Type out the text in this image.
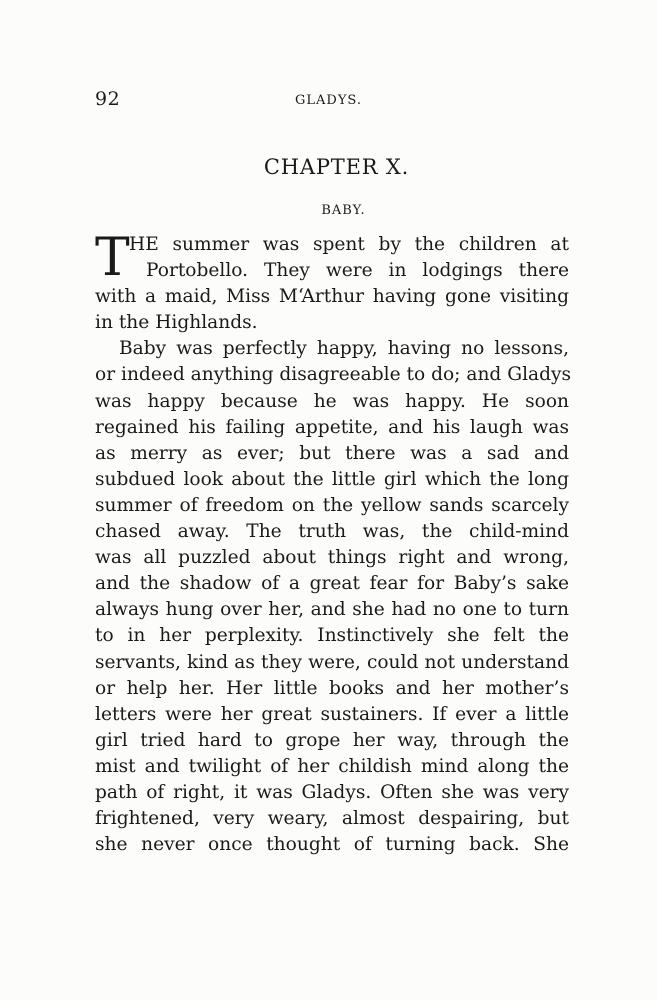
92	GLADYS.
CHAPTER X.
BABY.
T HE summer was spent by the children at
Portobello. They were in lodgings there
with a maid, Miss M‘Arthur having gone visiting
in the Highlands.
Baby was perfectly happy, having no lessons,
or indeed anything disagreeable to do; and Gladys
was happy because he was happy. He soon
regained his failing appetite, and his laugh was
as merry as ever; but there was a sad and
subdued look about the little girl which the long
summer of freedom on the yellow sands scarcely
chased away. The truth was, the child-mind
was all puzzled about things right and wrong,
and the shadow of a great fear for Baby’s sake
always hung over her, and she had no one to turn
to in her perplexity. Instinctively she felt the
servants, kind as they were, could not understand
or help her. Her little books and her mother’s
letters were her great sustainers. If ever a little
girl tried hard to grope her way, through the
mist and twilight of her childish mind along the
path of right, it was Gladys. Often she was very
frightened, very weary, almost despairing, but
she never once thought of turning back. She
